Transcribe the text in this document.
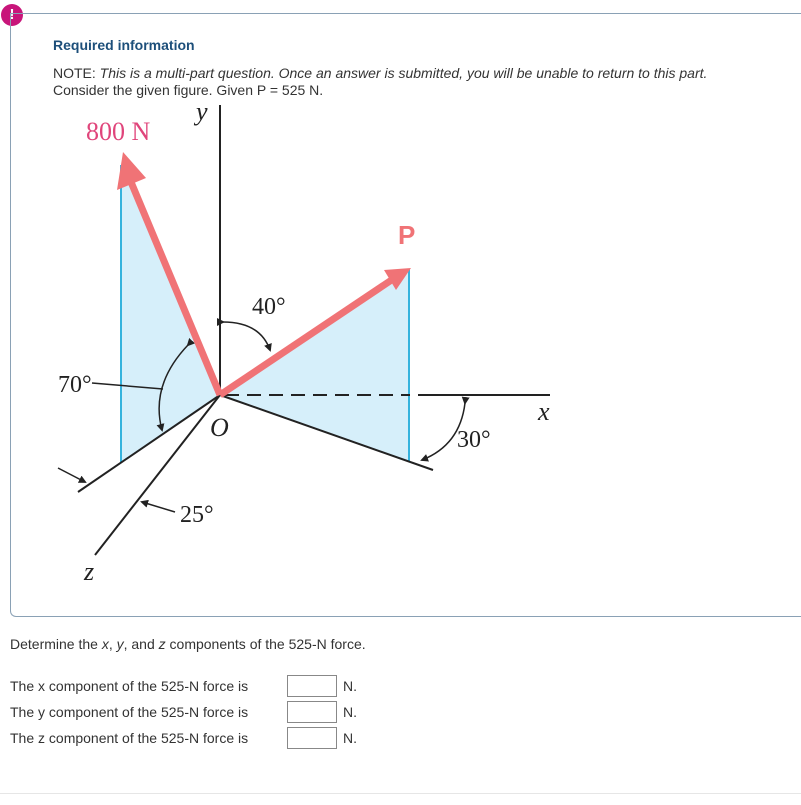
!
Required information
NOTE: This is a multi-part question. Once an answer is submitted, you will be unable to return to this part.
Consider the given figure. Given P = 525 N.
800 N
P
y
x
z
O
40°
70°
30°
25°
Determine the x, y, and z components of the 525-N force.
The x component of the 525-N force is	N.
The y component of the 525-N force is	N.
The z component of the 525-N force is	N.
